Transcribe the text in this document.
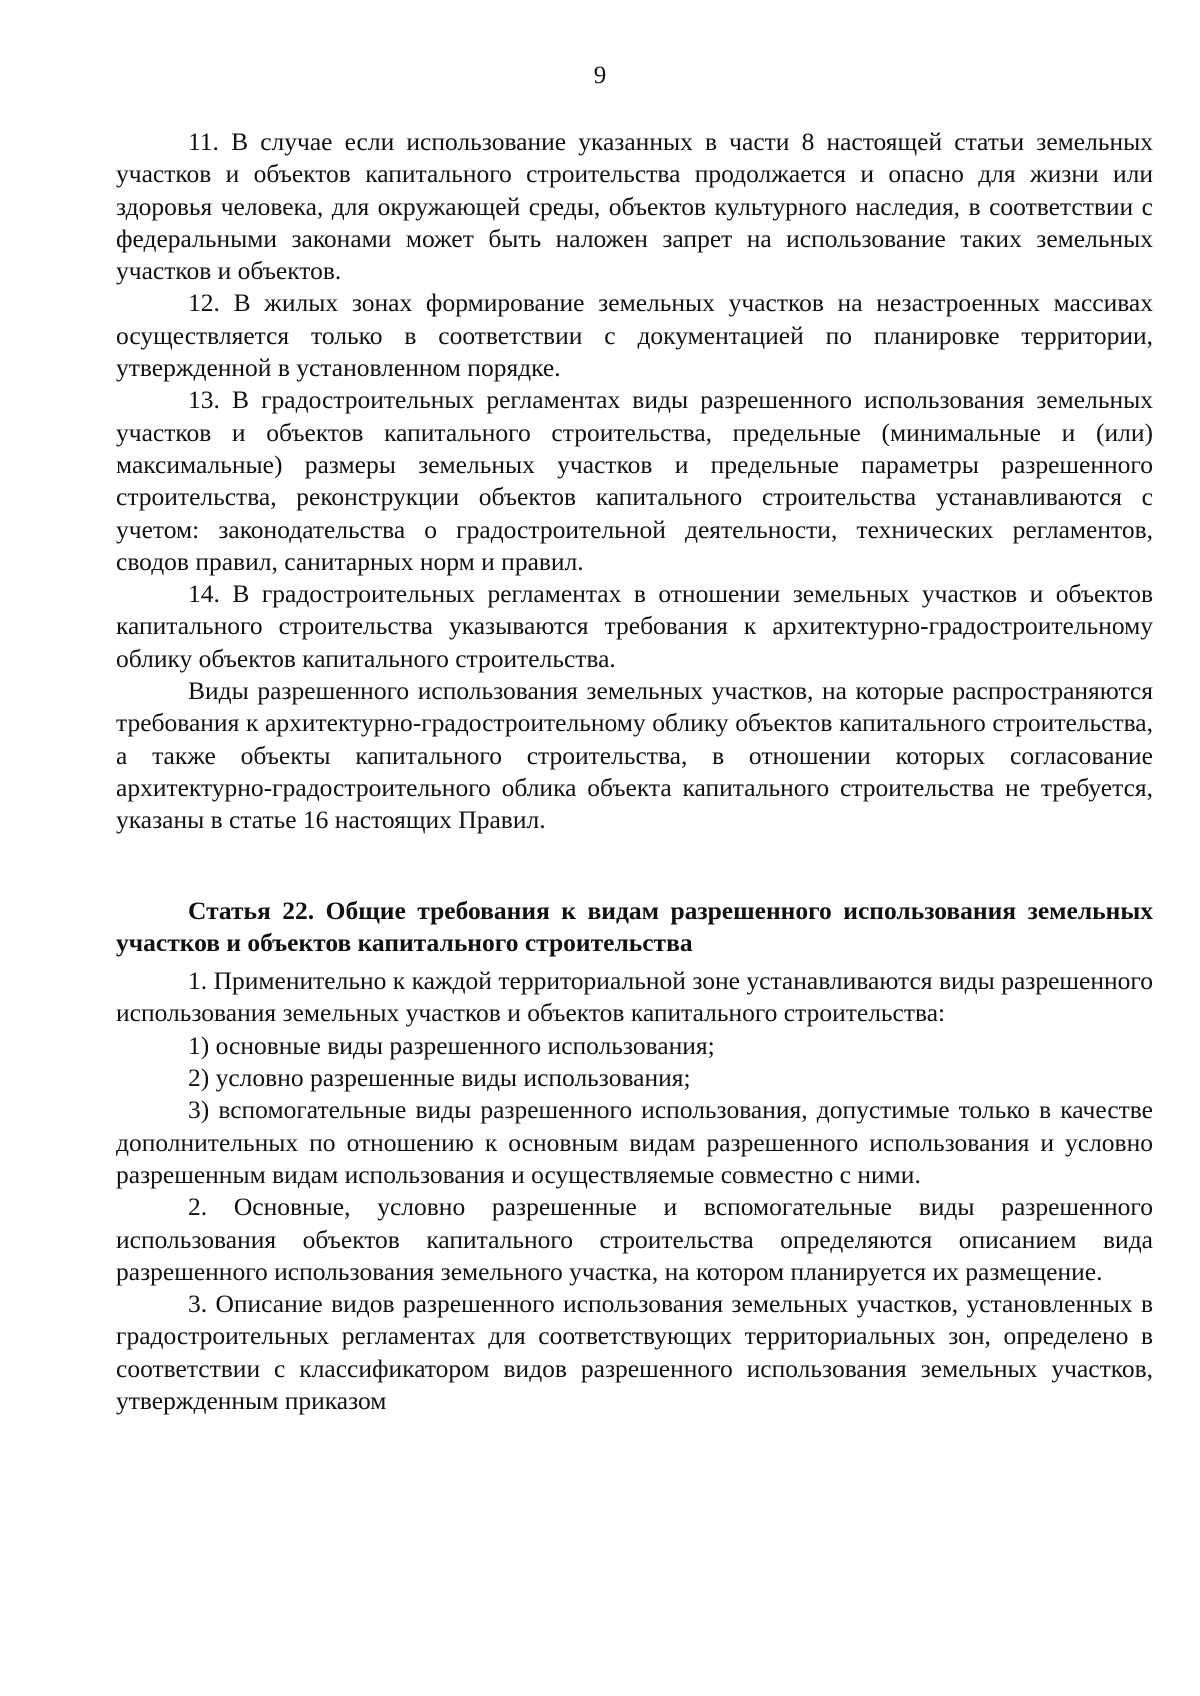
9

11. В случае если использование указанных в части 8 настоящей статьи земельных участков и объектов капитального строительства продолжается и опасно для жизни или здоровья человека, для окружающей среды, объектов культурного наследия, в соответствии с федеральными законами может быть наложен запрет на использование таких земельных участков и объектов.

12. В жилых зонах формирование земельных участков на незастроенных массивах осуществляется только в соответствии с документацией по планировке территории, утвержденной в установленном порядке.

13. В градостроительных регламентах виды разрешенного использования земельных участков и объектов капитального строительства, предельные (минимальные и (или) максимальные) размеры земельных участков и предельные параметры разрешенного строительства, реконструкции объектов капитального строительства устанавливаются с учетом: законодательства о градостроительной деятельности, технических регламентов, сводов правил, санитарных норм и правил.

14. В градостроительных регламентах в отношении земельных участков и объектов капитального строительства указываются требования к архитектурно-градостроительному облику объектов капитального строительства.

Виды разрешенного использования земельных участков, на которые распространяются требования к архитектурно-градостроительному облику объектов капитального строительства, а также объекты капитального строительства, в отношении которых согласование архитектурно-градостроительного облика объекта капитального строительства не требуется, указаны в статье 16 настоящих Правил.

Статья 22. Общие требования к видам разрешенного использования земельных участков и объектов капитального строительства

1. Применительно к каждой территориальной зоне устанавливаются виды разрешенного использования земельных участков и объектов капитального строительства:

1) основные виды разрешенного использования;

2) условно разрешенные виды использования;

3) вспомогательные виды разрешенного использования, допустимые только в качестве дополнительных по отношению к основным видам разрешенного использования и условно разрешенным видам использования и осуществляемые совместно с ними.

2. Основные, условно разрешенные и вспомогательные виды разрешенного использования объектов капитального строительства определяются описанием вида разрешенного использования земельного участка, на котором планируется их размещение.

3. Описание видов разрешенного использования земельных участков, установленных в градостроительных регламентах для соответствующих территориальных зон, определено в соответствии с классификатором видов разрешенного использования земельных участков, утвержденным приказом
